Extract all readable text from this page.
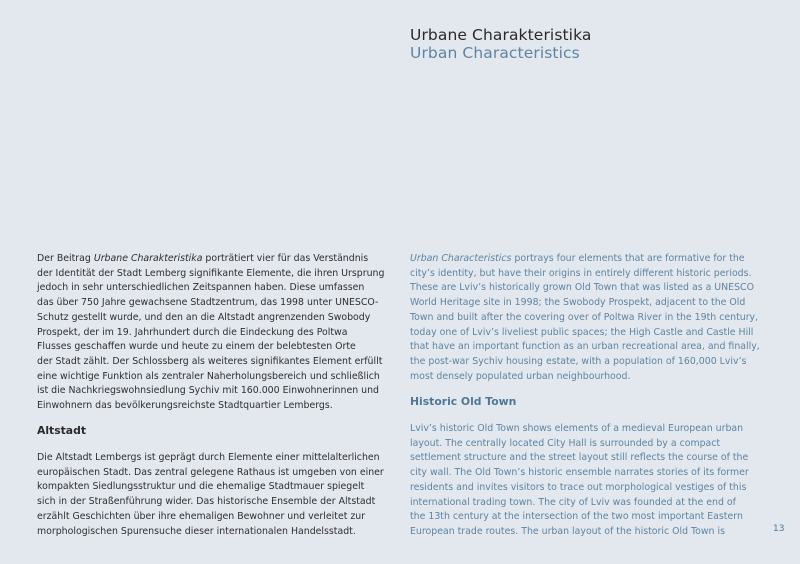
Urbane Charakteristika
Urban Characteristics

Der Beitrag Urbane Charakteristika porträtiert vier für das Verständnis
der Identität der Stadt Lemberg signifikante Elemente, die ihren Ursprung
jedoch in sehr unterschiedlichen Zeitspannen haben. Diese umfassen
das über 750 Jahre gewachsene Stadtzentrum, das 1998 unter UNESCO-
Schutz gestellt wurde, und den an die Altstadt angrenzenden Swobody
Prospekt, der im 19. Jahrhundert durch die Eindeckung des Poltwa
Flusses geschaffen wurde und heute zu einem der belebtesten Orte
der Stadt zählt. Der Schlossberg als weiteres signifikantes Element erfüllt
eine wichtige Funktion als zentraler Naherholungsbereich und schließlich
ist die Nachkriegswohnsiedlung Sychiv mit 160.000 Einwohnerinnen und
Einwohnern das bevölkerungsreichste Stadtquartier Lembergs.

Altstadt

Die Altstadt Lembergs ist geprägt durch Elemente einer mittelalterlichen
europäischen Stadt. Das zentral gelegene Rathaus ist umgeben von einer
kompakten Siedlungsstruktur und die ehemalige Stadtmauer spiegelt
sich in der Straßenführung wider. Das historische Ensemble der Altstadt
erzählt Geschichten über ihre ehemaligen Bewohner und verleitet zur
morphologischen Spurensuche dieser internationalen Handelsstadt.

Urban Characteristics portrays four elements that are formative for the
city’s identity, but have their origins in entirely different historic periods.
These are Lviv’s historically grown Old Town that was listed as a UNESCO
World Heritage site in 1998; the Swobody Prospekt, adjacent to the Old
Town and built after the covering over of Poltwa River in the 19th century,
today one of Lviv’s liveliest public spaces; the High Castle and Castle Hill
that have an important function as an urban recreational area, and finally,
the post-war Sychiv housing estate, with a population of 160,000 Lviv’s
most densely populated urban neighbourhood.

Historic Old Town

Lviv’s historic Old Town shows elements of a medieval European urban
layout. The centrally located City Hall is surrounded by a compact
settlement structure and the street layout still reflects the course of the
city wall. The Old Town’s historic ensemble narrates stories of its former
residents and invites visitors to trace out morphological vestiges of this
international trading town. The city of Lviv was founded at the end of
the 13th century at the intersection of the two most important Eastern
European trade routes. The urban layout of the historic Old Town is	13
